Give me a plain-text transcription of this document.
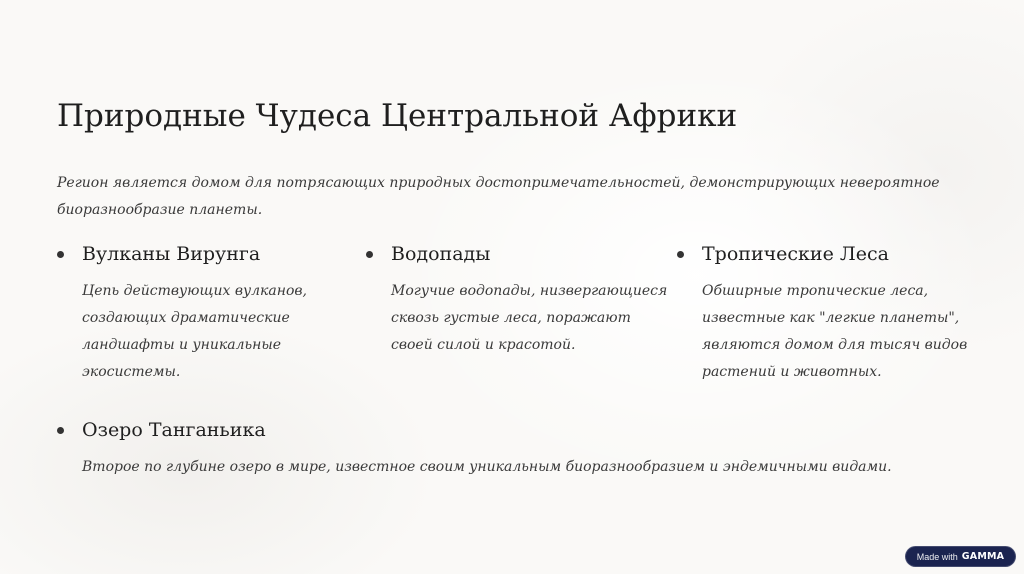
Природные Чудеса Центральной Африки

Регион является домом для потрясающих природных достопримечательностей, демонстрирующих невероятное
биоразнообразие планеты.

Вулканы Вирунга

Цепь действующих вулканов,
создающих драматические
ландшафты и уникальные
экосистемы.

Водопады

Могучие водопады, низвергающиеся
сквозь густые леса, поражают
своей силой и красотой.

Тропические Леса

Обширные тропические леса,
известные как "легкие планеты",
являются домом для тысяч видов
растений и животных.

Озеро Танганьика

Второе по глубине озеро в мире, известное своим уникальным биоразнообразием и эндемичными видами.

Made with GAMMA
